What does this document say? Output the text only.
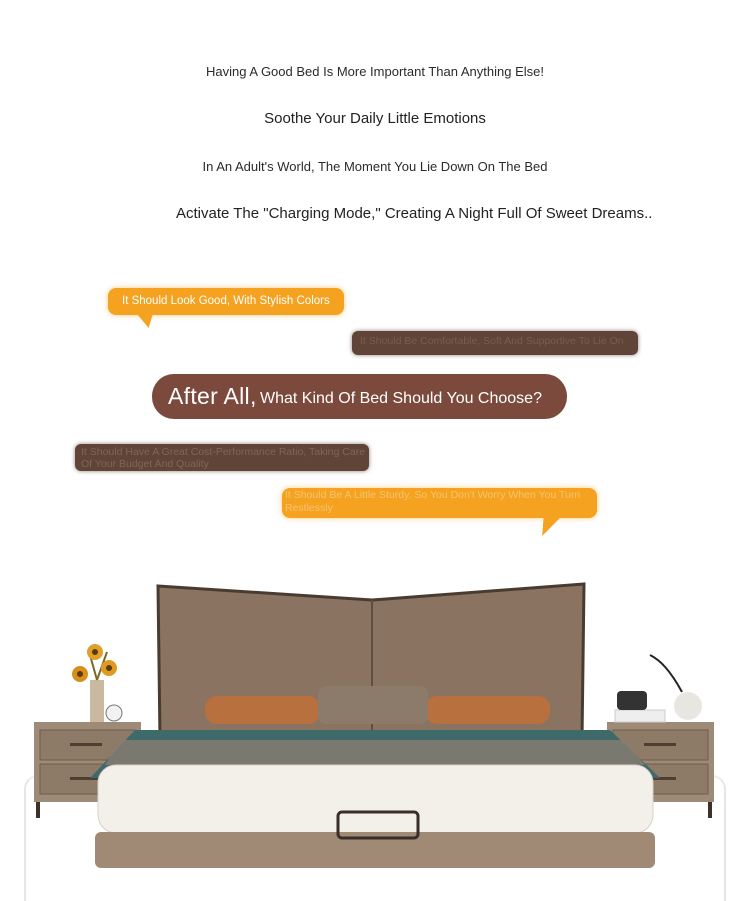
Having A Good Bed Is More Important Than Anything Else!

Soothe Your Daily Little Emotions

In An Adult's World, The Moment You Lie Down On The Bed

Activate The "Charging Mode," Creating A Night Full Of Sweet Dreams..

It Should Look Good, With Stylish Colors
It Should Be Comfortable, Soft And Supportive To Lie On
After All, What Kind Of Bed Should You Choose?
It Should Have A Great Cost-Performance Ratio, Taking Care Of Your Budget And Quality
It Should Be A Little Sturdy, So You Don't Worry When You Turn Restlessly
